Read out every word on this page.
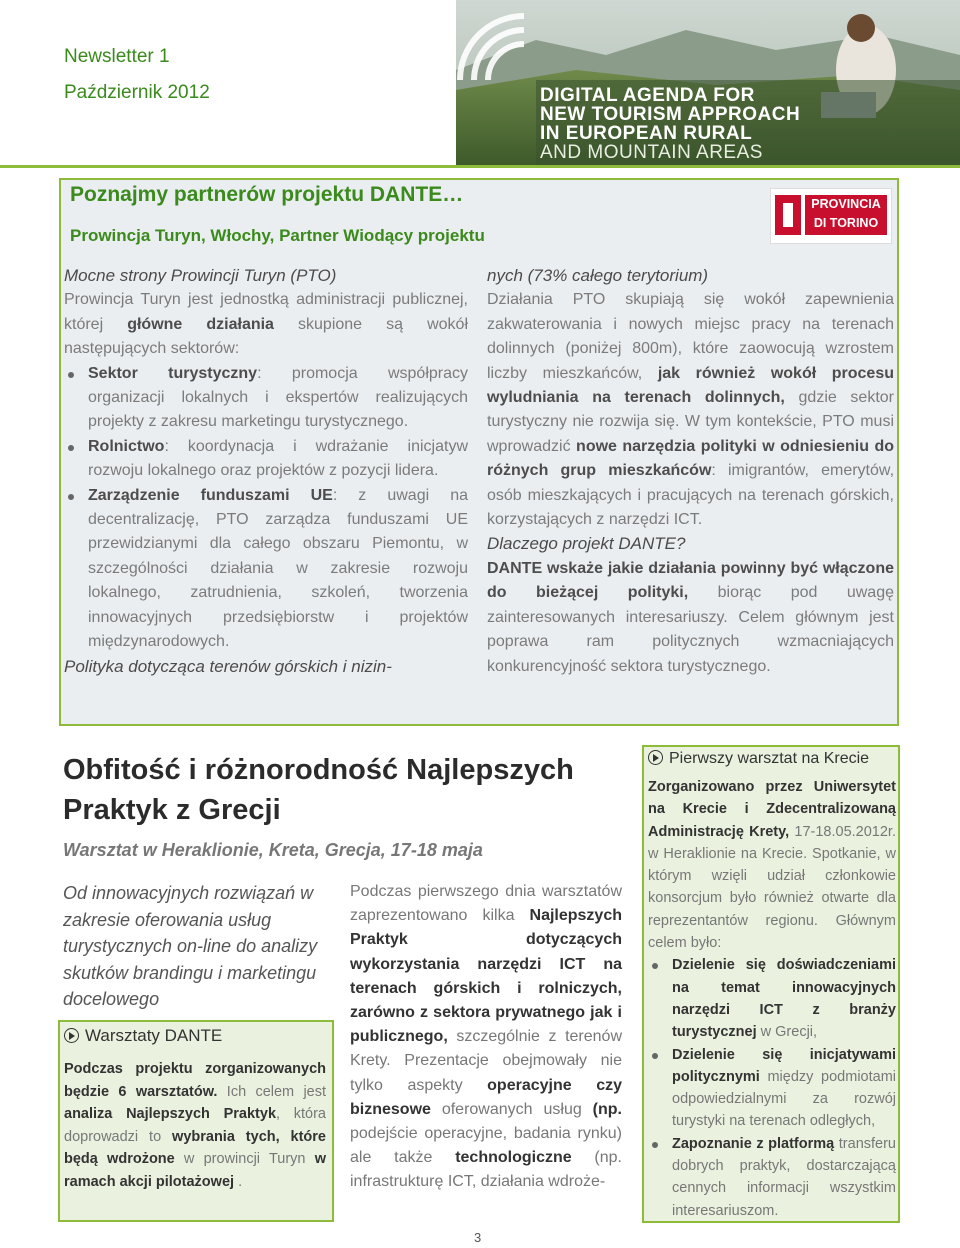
Newsletter 1
Październik 2012	DIGITAL AGENDA FOR
NEW TOURISM APPROACH
IN EUROPEAN RURAL
AND MOUNTAIN AREAS
Poznajmy partnerów projektu DANTE…
Prowincja Turyn, Włochy, Partner Wiodący projektu
PROVINCIA
DI TORINO
Mocne strony Prowincji Turyn (PTO)
Prowincja Turyn jest jednostką administracji publicznej, której główne działania skupione są wokół następujących sektorów:
Sektor turystyczny: promocja współpracy organizacji lokalnych i ekspertów realizujących projekty z zakresu marketingu turystycznego.
Rolnictwo: koordynacja i wdrażanie inicjatyw rozwoju lokalnego oraz projektów z pozycji lidera.
Zarządzenie funduszami UE: z uwagi na decentralizację, PTO zarządza funduszami UE przewidzianymi dla całego obszaru Piemontu, w szczególności działania w zakresie rozwoju lokalnego, zatrudnienia, szkoleń, tworzenia innowacyjnych przedsiębiorstw i projektów międzynarodowych.
Polityka dotycząca terenów górskich i nizin-
nych (73% całego terytorium)
Działania PTO skupiają się wokół zapewnienia zakwaterowania i nowych miejsc pracy na terenach dolinnych (poniżej 800m), które zaowocują wzrostem liczby mieszkańców, jak również wokół procesu wyludniania na terenach dolinnych, gdzie sektor turystyczny nie rozwija się. W tym kontekście, PTO musi wprowadzić nowe narzędzia polityki w odniesieniu do różnych grup mieszkańców: imigrantów, emerytów, osób mieszkających i pracujących na terenach górskich, korzystających z narzędzi ICT.
Dlaczego projekt DANTE?
DANTE wskaże jakie działania powinny być włączone do bieżącej polityki, biorąc pod uwagę zainteresowanych interesariuszy. Celem głównym jest poprawa ram politycznych wzmacniających konkurencyjność sektora turystycznego.
Obfitość i różnorodność Najlepszych Praktyk z Grecji
Warsztat w Heraklionie, Kreta, Grecja, 17-18 maja
Od innowacyjnych rozwiązań w zakresie oferowania usług turystycznych on-line do analizy skutków brandingu i marketingu docelowego
Warsztaty DANTE
Podczas projektu zorganizowanych będzie 6 warsztatów. Ich celem jest analiza Najlepszych Praktyk, która doprowadzi to wybrania tych, które będą wdrożone w prowincji Turyn w ramach akcji pilotażowej .
Podczas pierwszego dnia warsztatów zaprezentowano kilka Najlepszych Praktyk dotyczących wykorzystania narzędzi ICT na terenach górskich i rolniczych, zarówno z sektora prywatnego jak i publicznego, szczególnie z terenów Krety. Prezentacje obejmowały nie tylko aspekty operacyjne czy biznesowe oferowanych usług (np. podejście operacyjne, badania rynku) ale także technologiczne (np. infrastrukturę ICT, działania wdroże-
Pierwszy warsztat na Krecie
Zorganizowano przez Uniwersytet na Krecie i Zdecentralizowaną Administrację Krety, 17-18.05.2012r. w Heraklionie na Krecie. Spotkanie, w którym wzięli udział członkowie konsorcjum było również otwarte dla reprezentantów regionu. Głównym celem było:
Dzielenie się doświadczeniami na temat innowacyjnych narzędzi ICT z branży turystycznej w Grecji,
Dzielenie się inicjatywami politycznymi między podmiotami odpowiedzialnymi za rozwój turystyki na terenach odległych,
Zapoznanie z platformą transferu dobrych praktyk, dostarczającą cennych informacji wszystkim interesariuszom.
3
